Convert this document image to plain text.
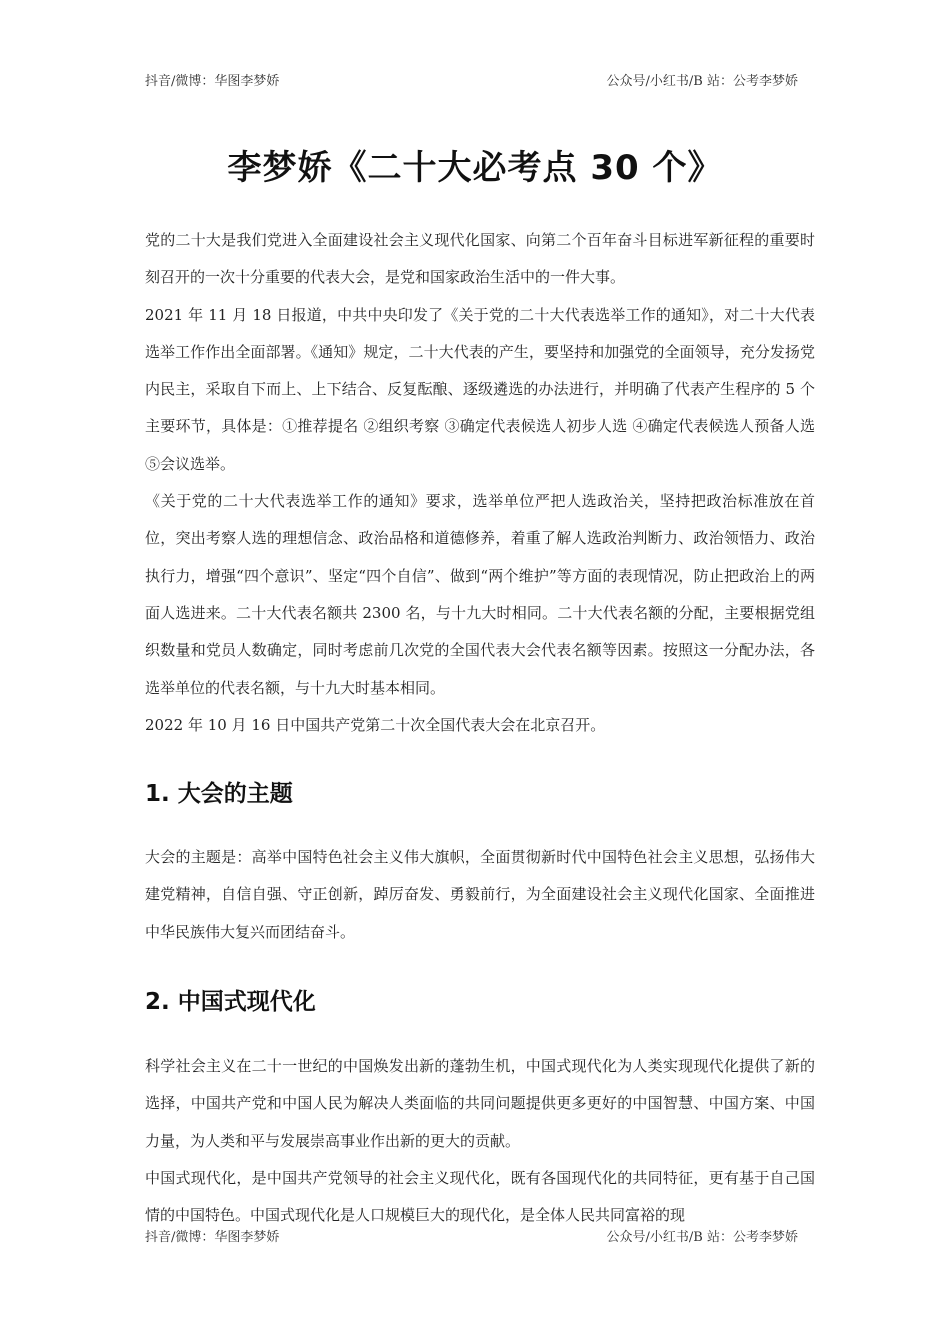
抖音/微博：华图李梦娇	公众号/小红书/B 站：公考李梦娇
李梦娇《二十大必考点 30 个》

党的二十大是我们党进入全面建设社会主义现代化国家、向第二个百年奋斗目标进军新征程的重要时刻召开的一次十分重要的代表大会，是党和国家政治生活中的一件大事。

2021 年 11 月 18 日报道，中共中央印发了《关于党的二十大代表选举工作的通知》，对二十大代表选举工作作出全面部署。《通知》规定，二十大代表的产生，要坚持和加强党的全面领导，充分发扬党内民主，采取自下而上、上下结合、反复酝酿、逐级遴选的办法进行，并明确了代表产生程序的 5 个主要环节，具体是：①推荐提名 ②组织考察 ③确定代表候选人初步人选 ④确定代表候选人预备人选⑤会议选举。

《关于党的二十大代表选举工作的通知》要求，选举单位严把人选政治关，坚持把政治标准放在首位，突出考察人选的理想信念、政治品格和道德修养，着重了解人选政治判断力、政治领悟力、政治执行力，增强“四个意识”、坚定“四个自信”、做到“两个维护”等方面的表现情况，防止把政治上的两面人选进来。二十大代表名额共 2300 名，与十九大时相同。二十大代表名额的分配，主要根据党组织数量和党员人数确定，同时考虑前几次党的全国代表大会代表名额等因素。按照这一分配办法，各选举单位的代表名额，与十九大时基本相同。

2022 年 10 月 16 日中国共产党第二十次全国代表大会在北京召开。

1. 大会的主题

大会的主题是：高举中国特色社会主义伟大旗帜，全面贯彻新时代中国特色社会主义思想，弘扬伟大建党精神，自信自强、守正创新，踔厉奋发、勇毅前行，为全面建设社会主义现代化国家、全面推进中华民族伟大复兴而团结奋斗。

2. 中国式现代化

科学社会主义在二十一世纪的中国焕发出新的蓬勃生机，中国式现代化为人类实现现代化提供了新的选择，中国共产党和中国人民为解决人类面临的共同问题提供更多更好的中国智慧、中国方案、中国力量，为人类和平与发展崇高事业作出新的更大的贡献。

中国式现代化，是中国共产党领导的社会主义现代化，既有各国现代化的共同特征，更有基于自己国情的中国特色。中国式现代化是人口规模巨大的现代化，是全体人民共同富裕的现

抖音/微博：华图李梦娇	公众号/小红书/B 站：公考李梦娇
